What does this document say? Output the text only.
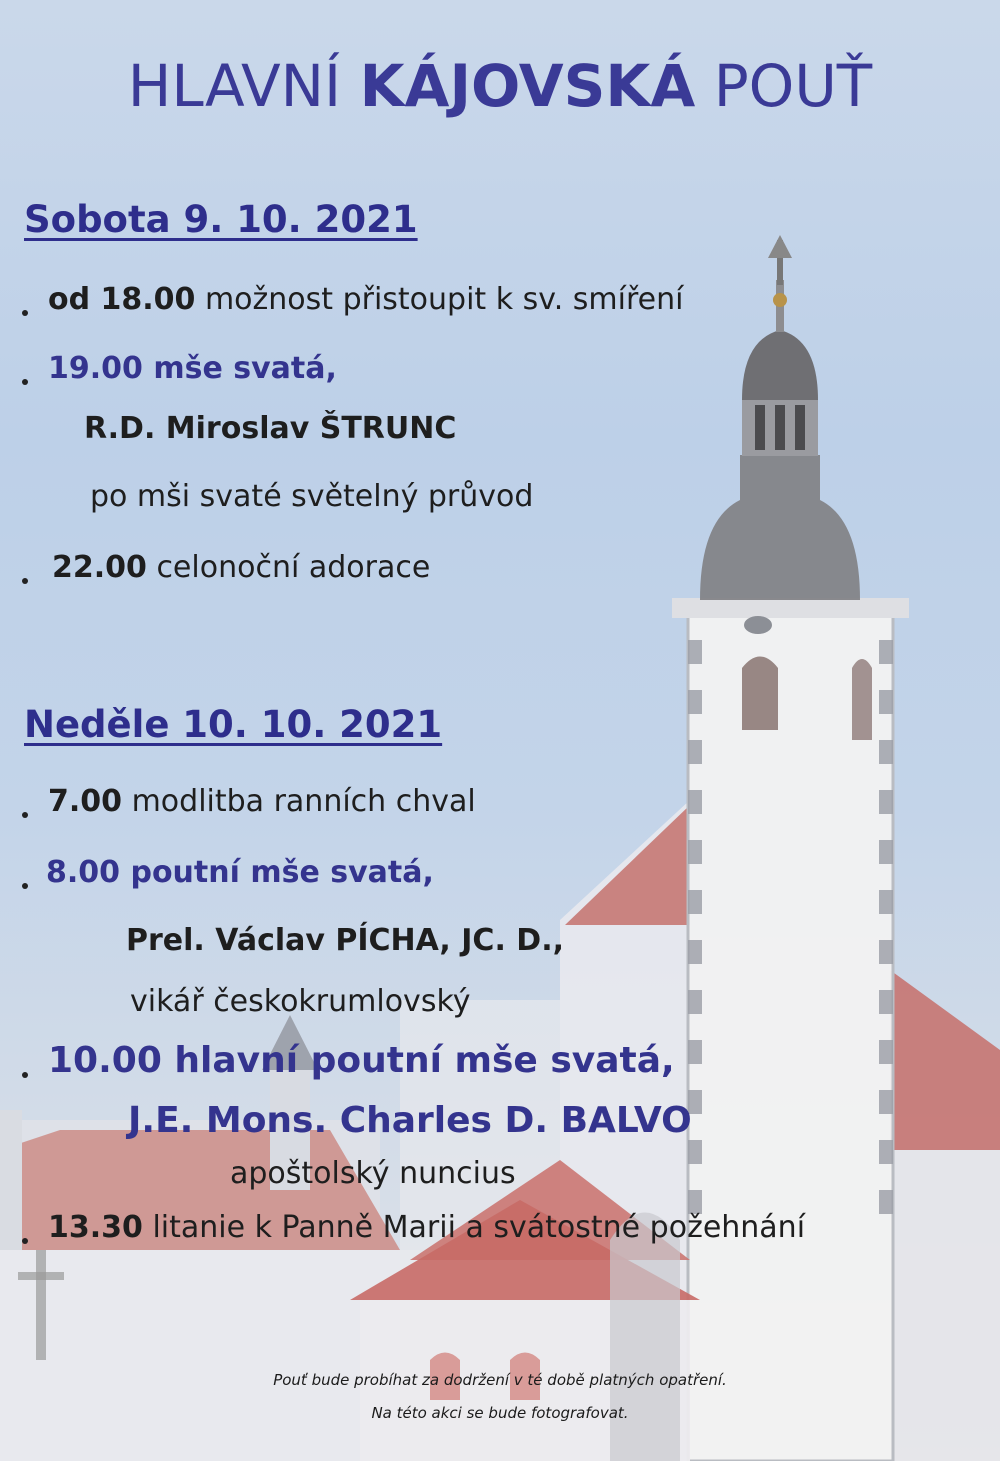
HLAVNÍ KÁJOVSKÁ POUŤ
Sobota 9. 10. 2021
od 18.00 možnost přistoupit k sv. smíření
19.00 mše svatá,
R.D. Miroslav ŠTRUNC
po mši svaté světelný průvod
22.00 celonoční adorace
Neděle 10. 10. 2021
7.00 modlitba ranních chval
8.00 poutní mše svatá,
Prel. Václav PÍCHA, JC. D.,
vikář českokrumlovský
10.00 hlavní poutní mše svatá,
J.E. Mons. Charles D. BALVO
apoštolský nuncius
13.30 litanie k Panně Marii a svátostné požehnání
Pouť bude probíhat za dodržení v té době platných opatření.
Na této akci se bude fotografovat.
